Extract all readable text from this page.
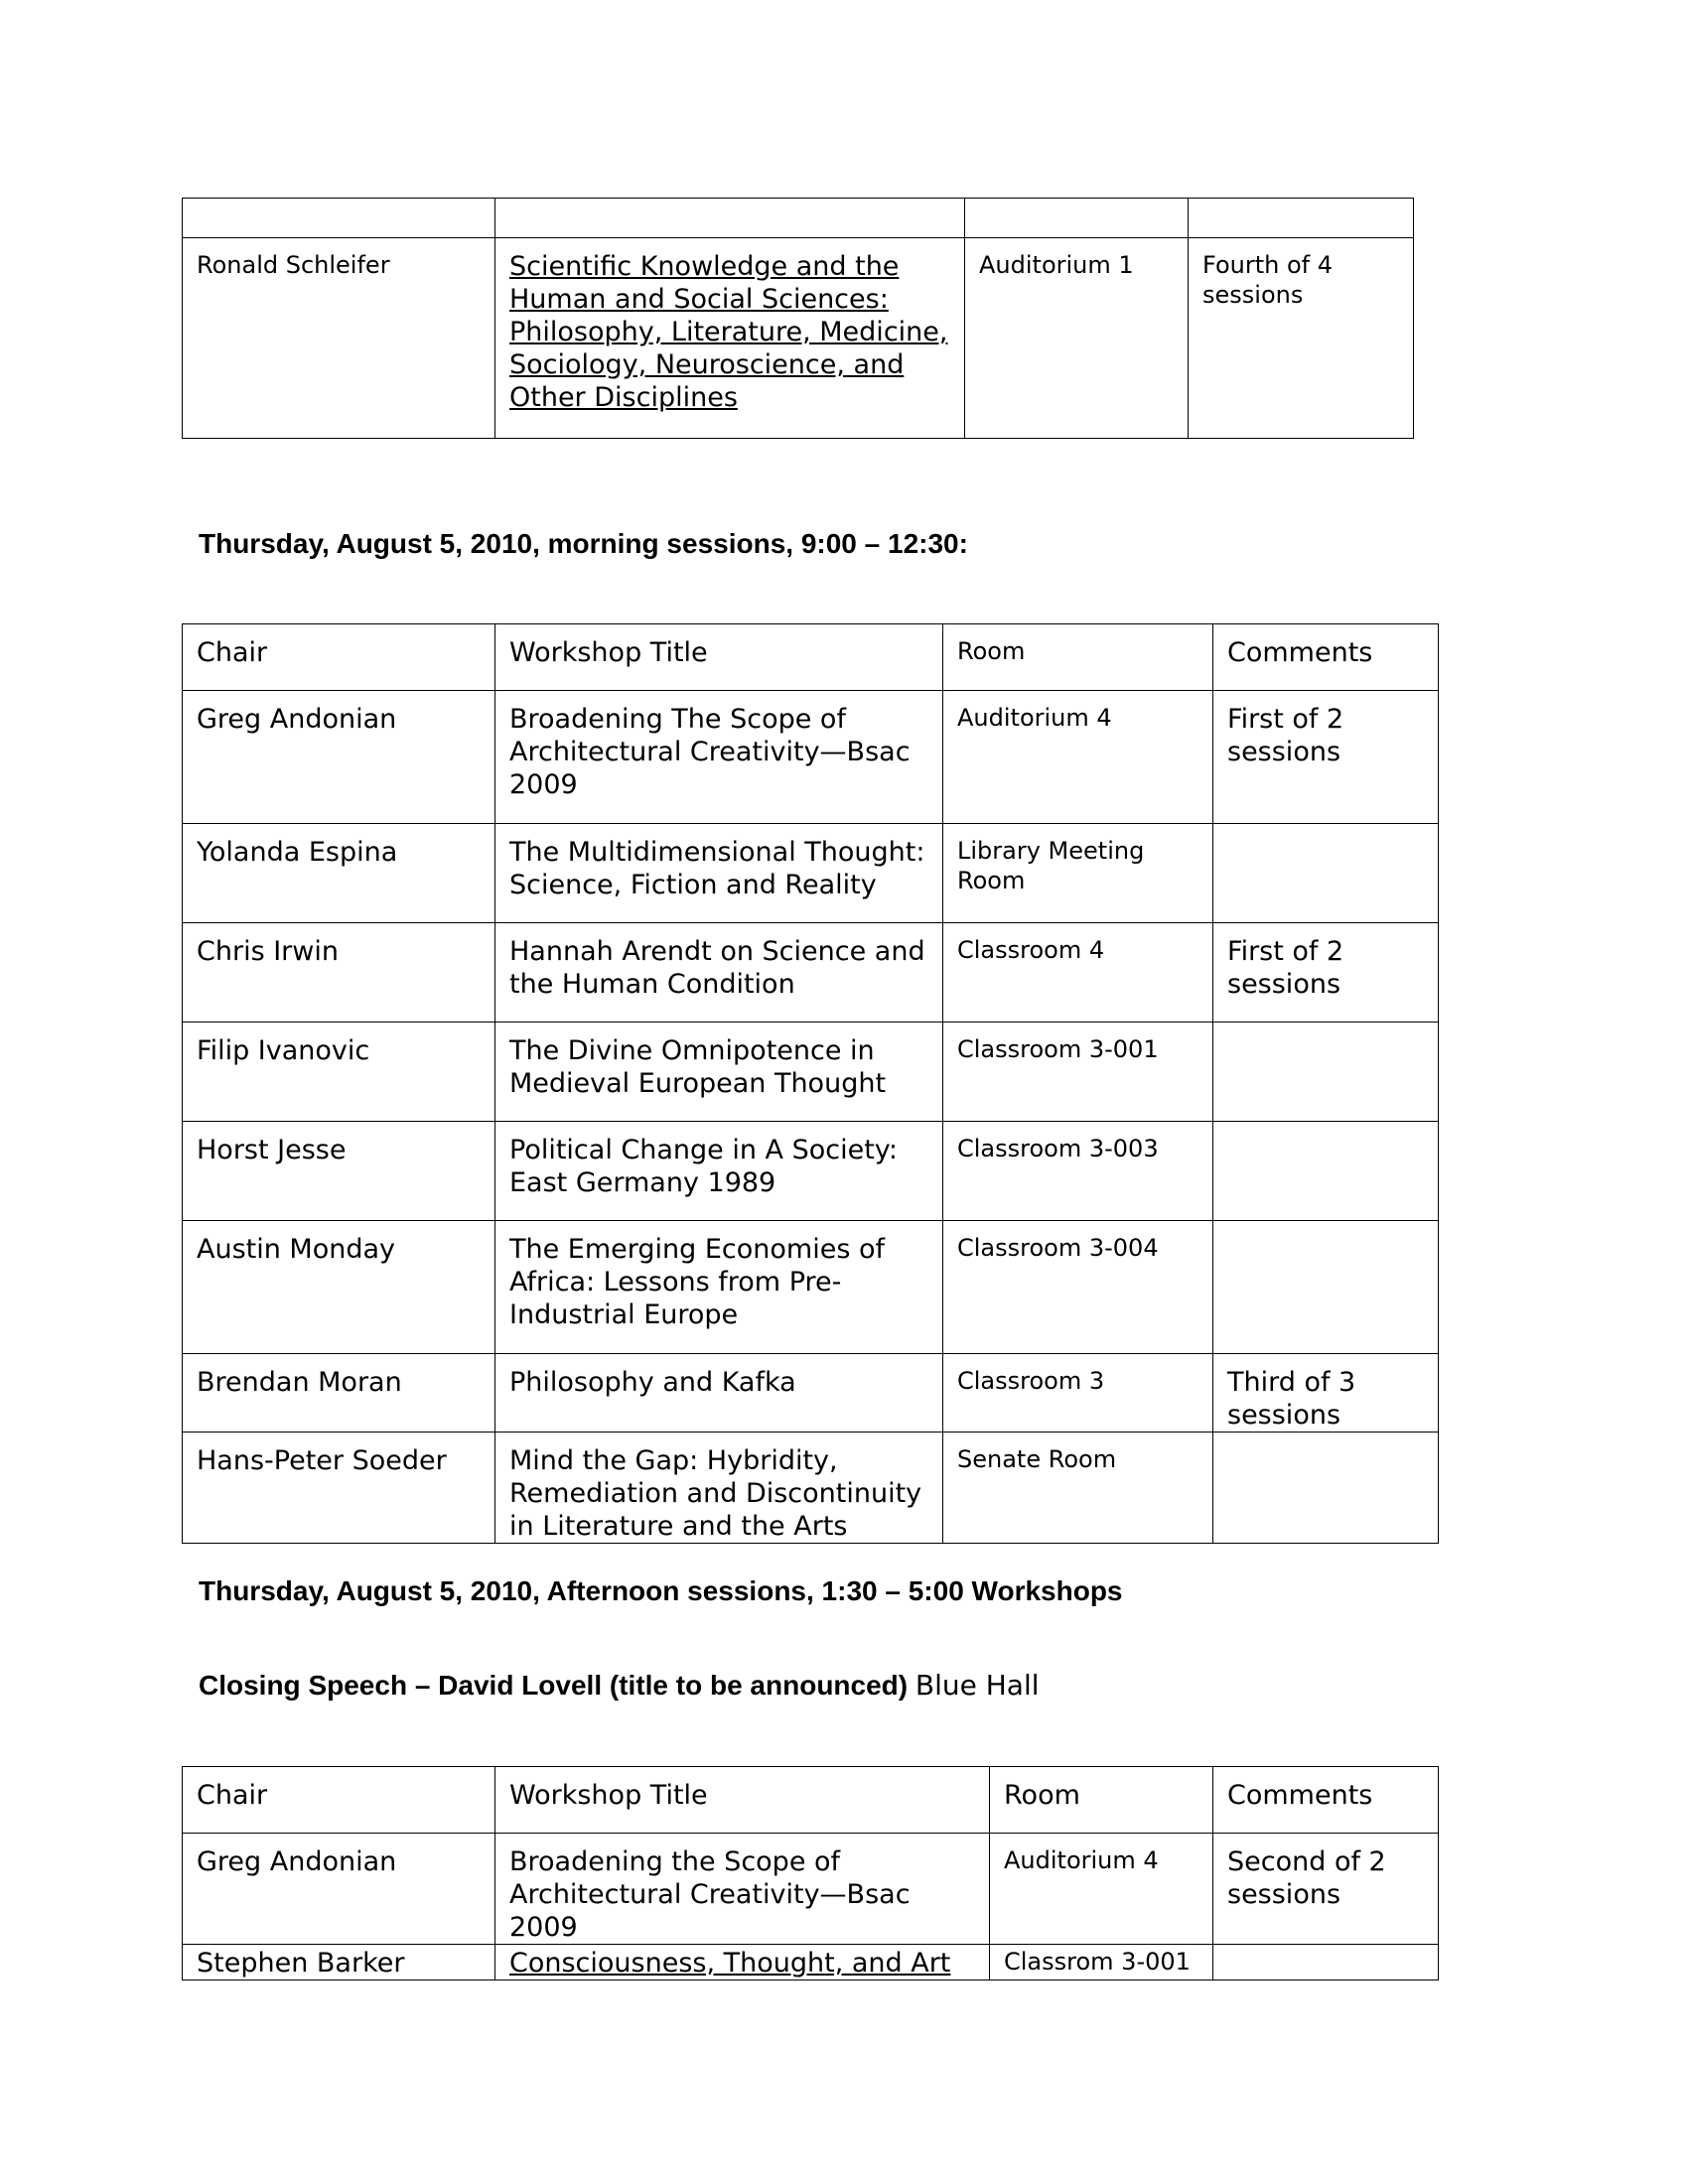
Ronald Schleifer	Scientific Knowledge and the Human and Social Sciences: Philosophy, Literature, Medicine, Sociology, Neuroscience, and Other Disciplines	Auditorium 1	Fourth of 4 sessions
Thursday, August 5, 2010, morning sessions, 9:00 – 12:30:
Chair	Workshop Title	Room	Comments

Greg Andonian	Broadening The Scope of Architectural Creativity—Bsac 2009	Auditorium 4	First of 2 sessions

Yolanda Espina	The Multidimensional Thought: Science, Fiction and Reality	Library Meeting Room	

Chris Irwin	Hannah Arendt on Science and the Human Condition	Classroom 4	First of 2 sessions

Filip Ivanovic	The Divine Omnipotence in Medieval European Thought	Classroom 3-001	

Horst Jesse	Political Change in A Society: East Germany 1989	Classroom 3-003	

Austin Monday	The Emerging Economies of Africa: Lessons from Pre-Industrial Europe	Classroom 3-004	

Brendan Moran	Philosophy and Kafka	Classroom 3	Third of 3 sessions

Hans-Peter Soeder	Mind the Gap: Hybridity, Remediation and Discontinuity in Literature and the Arts	Senate Room	

Thursday, August 5, 2010, Afternoon sessions, 1:30 – 5:00 Workshops
Closing Speech – David Lovell (title to be announced) Blue Hall
Chair	Workshop Title	Room	Comments

Greg Andonian	Broadening the Scope of Architectural Creativity—Bsac 2009	Auditorium 4	Second of 2 sessions

Stephen Barker	Consciousness, Thought, and Art	Classrom 3-001	
